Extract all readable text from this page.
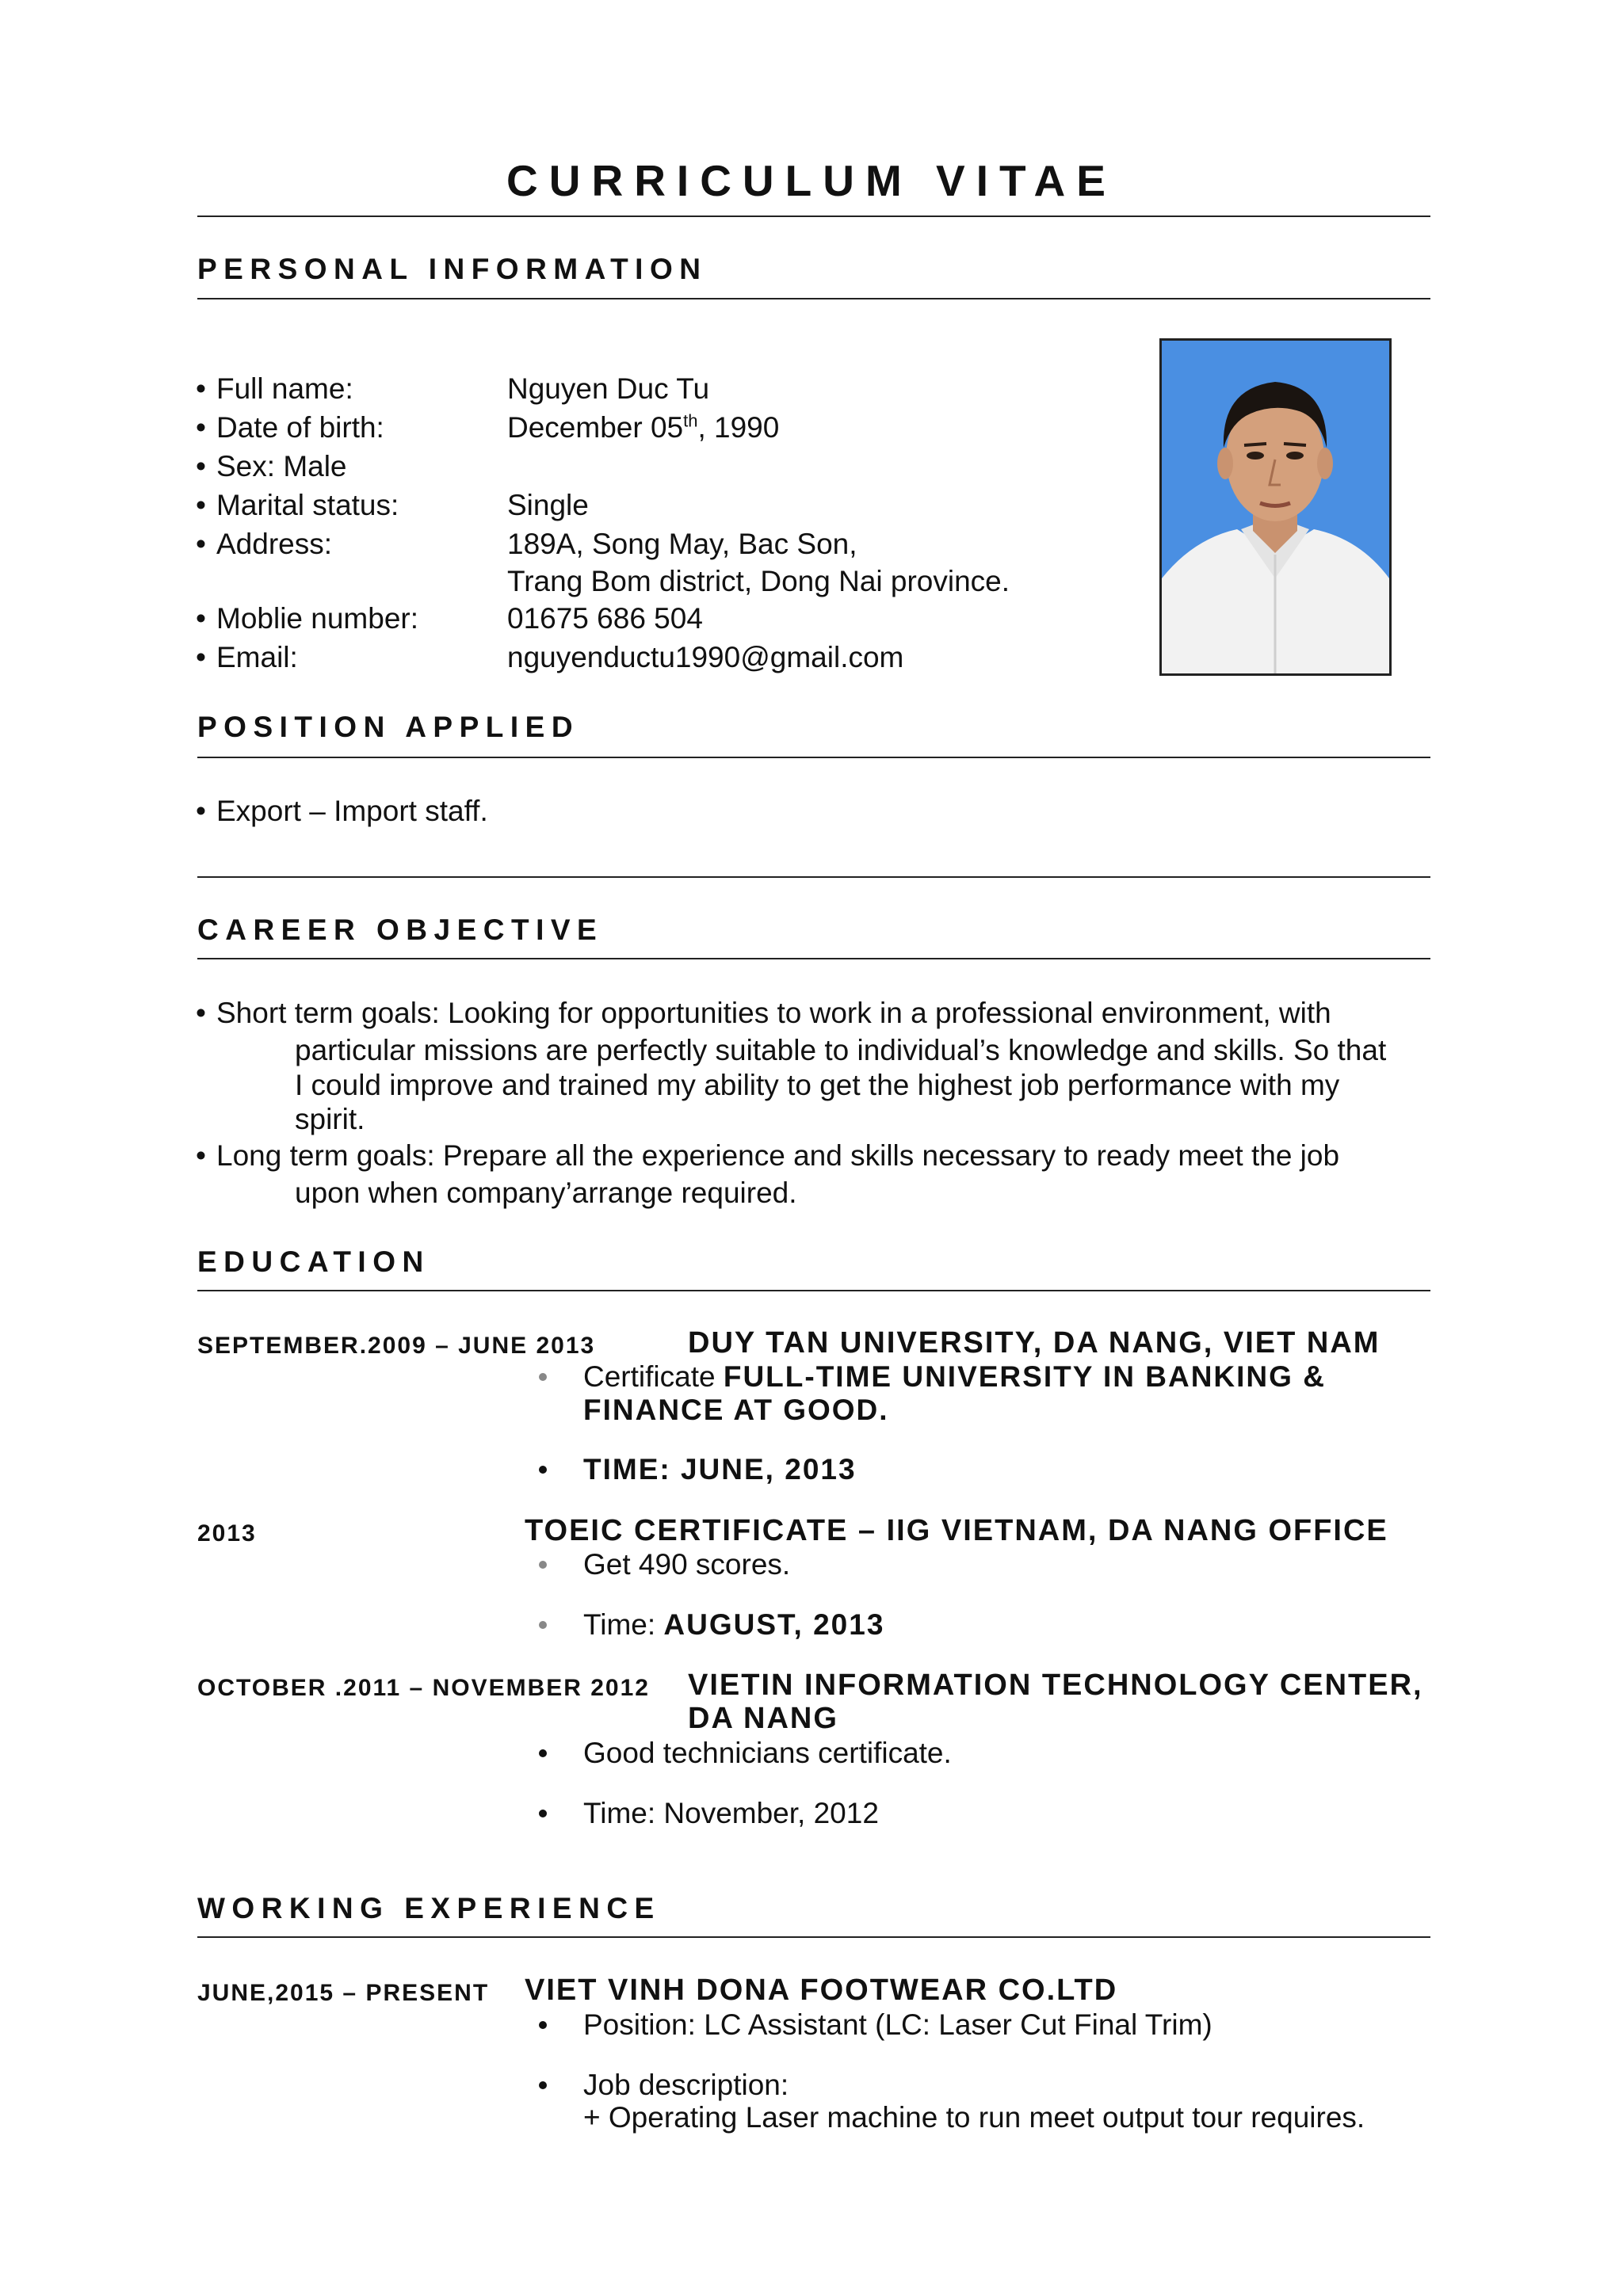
CURRICULUM VITAE
PERSONAL INFORMATION
• Full name:	Nguyen Duc Tu
• Date of birth:	December 05th, 1990
• Sex: Male
• Marital status:	Single
• Address:	189A, Song May, Bac Son,
Trang Bom district, Dong Nai province.
• Moblie number:	01675 686 504
• Email:	nguyenductu1990@gmail.com
POSITION APPLIED
• Export – Import staff.
CAREER OBJECTIVE
• Short term goals: Looking for opportunities to work in a professional environment, with
particular missions are perfectly suitable to individual’s knowledge and skills. So that
I could improve and trained my ability to get the highest job performance with my
spirit.
• Long term goals: Prepare all the experience and skills necessary to ready meet the job
upon when company’arrange required.
EDUCATION
SEPTEMBER.2009 – JUNE 2013	DUY TAN UNIVERSITY, DA NANG, VIET NAM
Certificate FULL-TIME UNIVERSITY IN BANKING &
FINANCE AT GOOD.
TIME: JUNE, 2013
2013	TOEIC CERTIFICATE – IIG VIETNAM, DA NANG OFFICE
Get 490 scores.
Time: AUGUST, 2013
OCTOBER .2011 – NOVEMBER 2012 VIETIN INFORMATION TECHNOLOGY CENTER,
DA NANG
Good technicians certificate.
Time: November, 2012
WORKING EXPERIENCE
JUNE,2015 – PRESENT VIET VINH DONA FOOTWEAR CO.LTD
Position: LC Assistant (LC: Laser Cut Final Trim)
Job description:
+ Operating Laser machine to run meet output tour requires.
